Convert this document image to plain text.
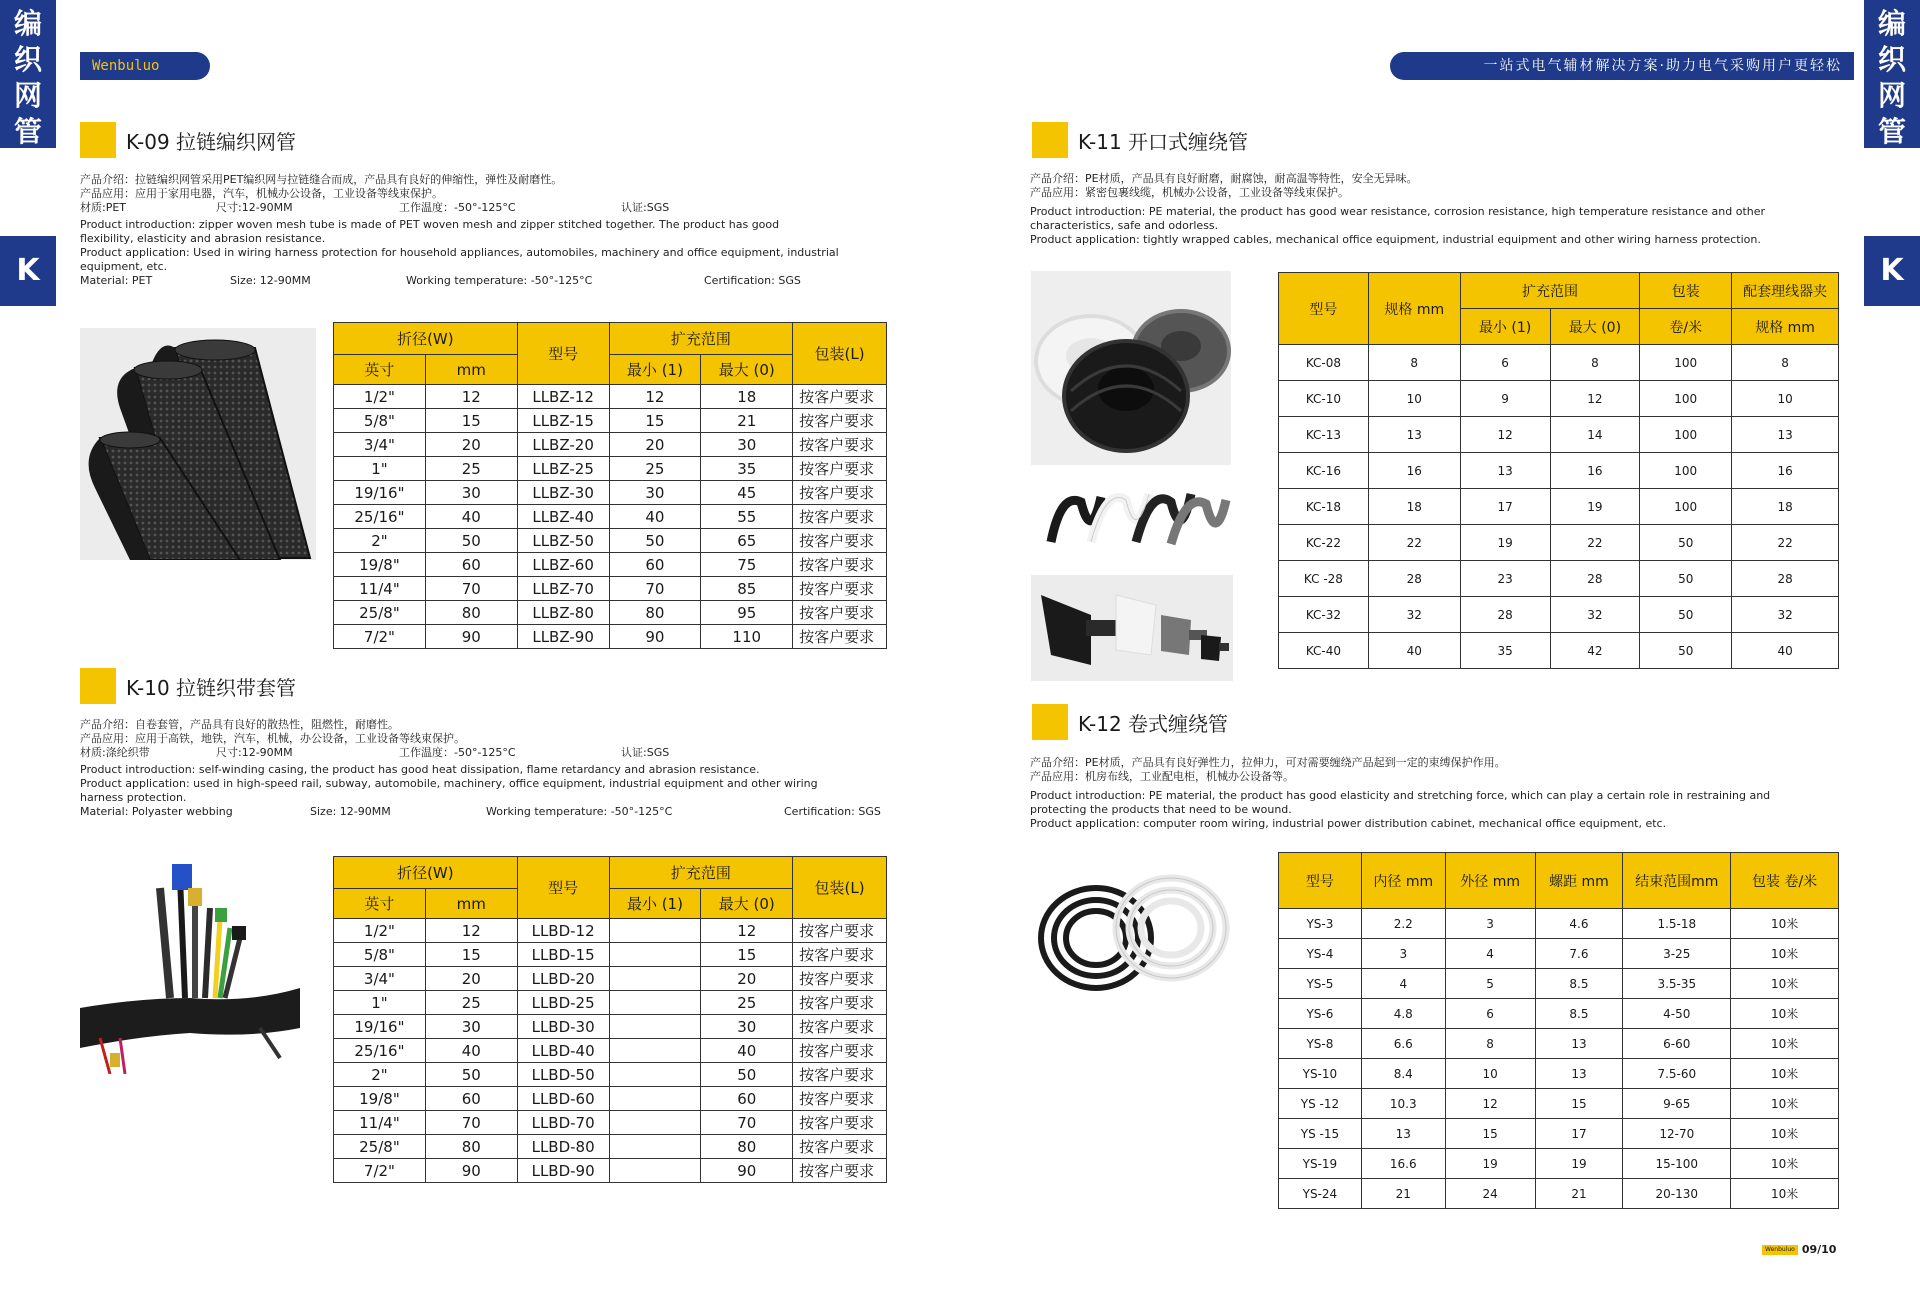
编
织
网
管
K
编
织
网
管
K
Wenbuluo	一站式电气辅材解决方案·助力电气采购用户更轻松
K-09 拉链编织网管
产品介绍：拉链编织网管采用PET编织网与拉链缝合而成，产品具有良好的伸缩性，弹性及耐磨性。
产品应用：应用于家用电器，汽车，机械办公设备，工业设备等线束保护。
材质:PET	尺寸:12-90MM	工作温度：-50°-125°C	认证:SGS
Product introduction: zipper woven mesh tube is made of PET woven mesh and zipper stitched together. The product has good
flexibility, elasticity and abrasion resistance.
Product application: Used in wiring harness protection for household appliances, automobiles, machinery and office equipment, industrial
equipment, etc.
Material: PET	Size: 12-90MM	Working temperature: -50°-125°C	Certification: SGS
折径(W)		型号	扩充范围		包装(L)
英寸	mm		最小 (1)	最大 (0)	
1/2"	12	LLBZ-12	12	18	按客户要求
5/8"	15	LLBZ-15	15	21	按客户要求
3/4"	20	LLBZ-20	20	30	按客户要求
1"	25	LLBZ-25	25	35	按客户要求
19/16"	30	LLBZ-30	30	45	按客户要求
25/16"	40	LLBZ-40	40	55	按客户要求
2"	50	LLBZ-50	50	65	按客户要求
19/8"	60	LLBZ-60	60	75	按客户要求
11/4"	70	LLBZ-70	70	85	按客户要求
25/8"	80	LLBZ-80	80	95	按客户要求
7/2"	90	LLBZ-90	90	110	按客户要求
K-10 拉链织带套管
产品介绍：自卷套管，产品具有良好的散热性，阻燃性，耐磨性。
产品应用：应用于高铁，地铁，汽车，机械，办公设备，工业设备等线束保护。
材质:涤纶织带	尺寸:12-90MM	工作温度：-50°-125°C	认证:SGS
Product introduction: self-winding casing, the product has good heat dissipation, flame retardancy and abrasion resistance.
Product application: used in high-speed rail, subway, automobile, machinery, office equipment, industrial equipment and other wiring
harness protection.
Material: Polyaster webbing	Size: 12-90MM	Working temperature: -50°-125°C	Certification: SGS
折径(W)		型号	扩充范围		包装(L)
英寸	mm		最小 (1)	最大 (0)	
1/2"	12	LLBD-12		12	按客户要求
5/8"	15	LLBD-15		15	按客户要求
3/4"	20	LLBD-20		20	按客户要求
1"	25	LLBD-25		25	按客户要求
19/16"	30	LLBD-30		30	按客户要求
25/16"	40	LLBD-40		40	按客户要求
2"	50	LLBD-50		50	按客户要求
19/8"	60	LLBD-60		60	按客户要求
11/4"	70	LLBD-70		70	按客户要求
25/8"	80	LLBD-80		80	按客户要求
7/2"	90	LLBD-90		90	按客户要求
K-11 开口式缠绕管
产品介绍：PE材质，产品具有良好耐磨，耐腐蚀，耐高温等特性，安全无异味。
产品应用：紧密包裹线缆，机械办公设备，工业设备等线束保护。
Product introduction: PE material, the product has good wear resistance, corrosion resistance, high temperature resistance and other
characteristics, safe and odorless.
Product application: tightly wrapped cables, mechanical office equipment, industrial equipment and other wiring harness protection.
型号	规格 mm	扩充范围		包装	配套理线器夹
		最小 (1)	最大 (0)	卷/米	规格 mm
KC-08	8	6	8	100	8
KC-10	10	9	12	100	10
KC-13	13	12	14	100	13
KC-16	16	13	16	100	16
KC-18	18	17	19	100	18
KC-22	22	19	22	50	22
KC -28	28	23	28	50	28
KC-32	32	28	32	50	32
KC-40	40	35	42	50	40
K-12 卷式缠绕管
产品介绍：PE材质，产品具有良好弹性力，拉伸力，可对需要缠绕产品起到一定的束缚保护作用。
产品应用：机房布线，工业配电柜，机械办公设备等。
Product introduction: PE material, the product has good elasticity and stretching force, which can play a certain role in restraining and
protecting the products that need to be wound.
Product application: computer room wiring, industrial power distribution cabinet, mechanical office equipment, etc.
型号	内径 mm	外径 mm	螺距 mm	结束范围mm	包装 卷/米
YS-3	2.2	3	4.6	1.5-18	10米
YS-4	3	4	7.6	3-25	10米
YS-5	4	5	8.5	3.5-35	10米
YS-6	4.8	6	8.5	4-50	10米
YS-8	6.6	8	13	6-60	10米
YS-10	8.4	10	13	7.5-60	10米
YS -12	10.3	12	15	9-65	10米
YS -15	13	15	17	12-70	10米
YS-19	16.6	19	19	15-100	10米
YS-24	21	24	21	20-130	10米
Wenbuluo 09/10
